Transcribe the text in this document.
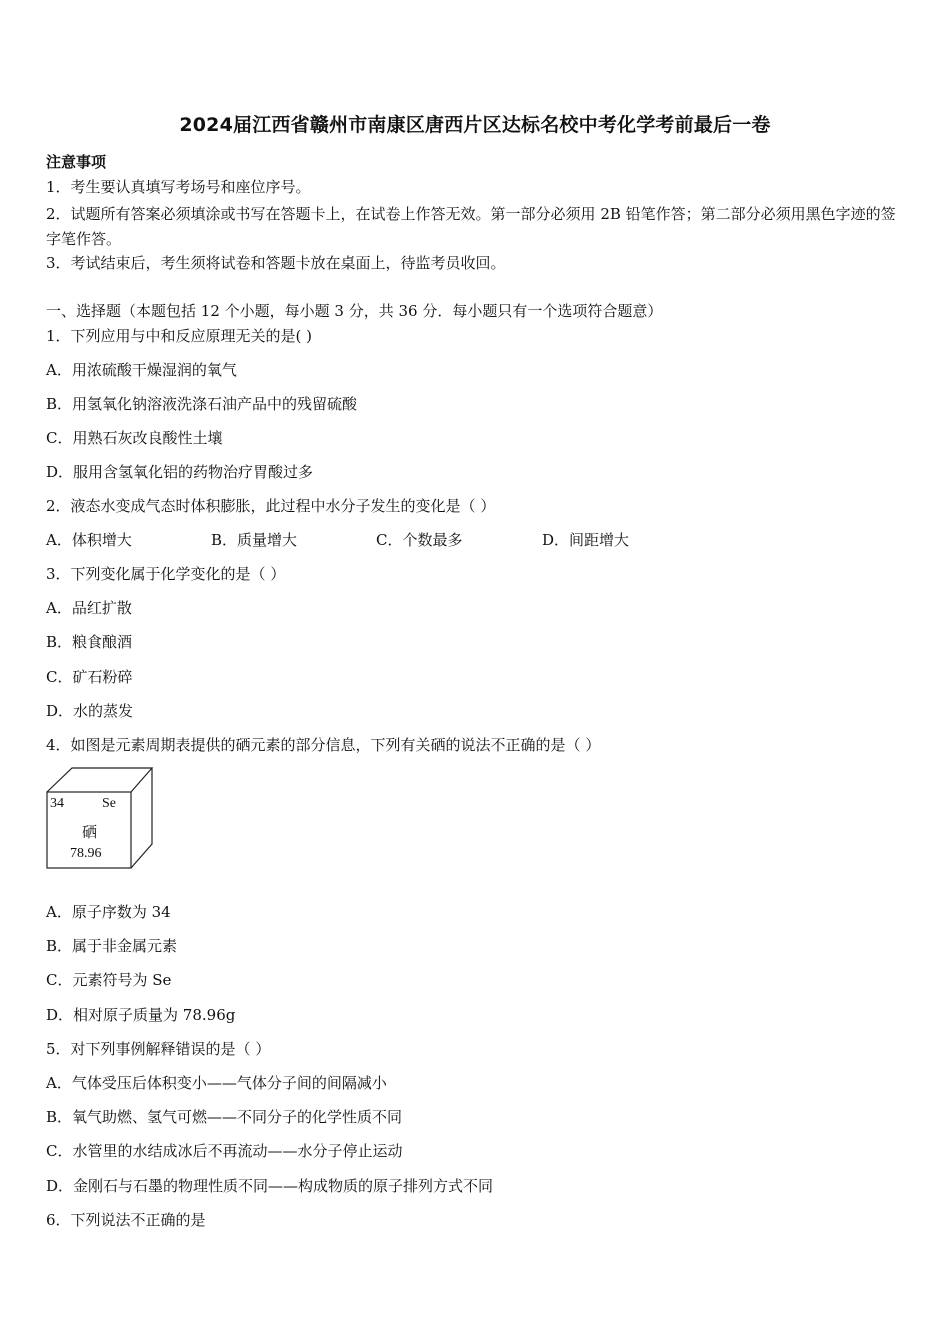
2024届江西省赣州市南康区唐西片区达标名校中考化学考前最后一卷
注意事项
1．考生要认真填写考场号和座位序号。
2．试题所有答案必须填涂或书写在答题卡上，在试卷上作答无效。第一部分必须用 2B 铅笔作答；第二部分必须用黑色字迹的签字笔作答。
3．考试结束后，考生须将试卷和答题卡放在桌面上，待监考员收回。
一、选择题（本题包括 12 个小题，每小题 3 分，共 36 分．每小题只有一个选项符合题意）
1．下列应用与中和反应原理无关的是( )
A．用浓硫酸干燥湿润的氧气
B．用氢氧化钠溶液洗涤石油产品中的残留硫酸
C．用熟石灰改良酸性土壤
D．服用含氢氧化铝的药物治疗胃酸过多
2．液态水变成气态时体积膨胀，此过程中水分子发生的变化是（ ）
A．体积增大	B．质量增大	C．个数最多	D．间距增大
3．下列变化属于化学变化的是（ ）
A．品红扩散
B．粮食酿酒
C．矿石粉碎
D．水的蒸发
4．如图是元素周期表提供的硒元素的部分信息，下列有关硒的说法不正确的是（ ）
34	Se
硒
78.96
A．原子序数为 34
B．属于非金属元素
C．元素符号为 Se
D．相对原子质量为 78.96g
5．对下列事例解释错误的是（ ）
A．气体受压后体积变小——气体分子间的间隔减小
B．氧气助燃、氢气可燃——不同分子的化学性质不同
C．水管里的水结成冰后不再流动——水分子停止运动
D．金刚石与石墨的物理性质不同——构成物质的原子排列方式不同
6．下列说法不正确的是
